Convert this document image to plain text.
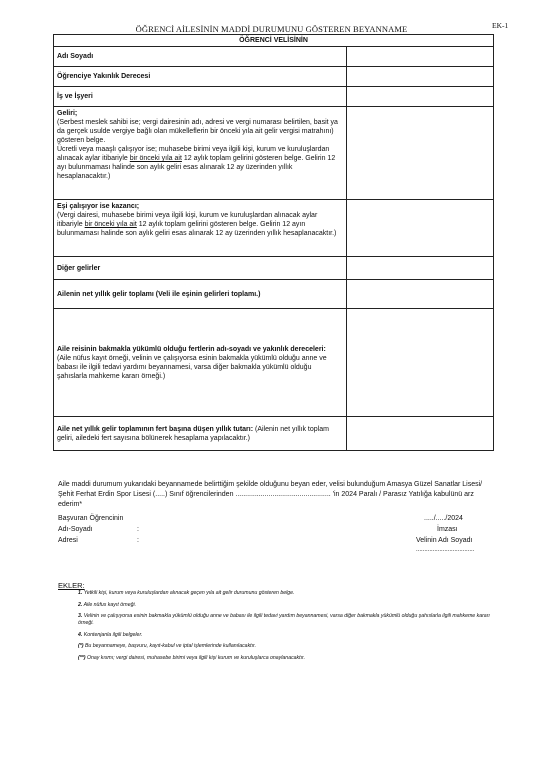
EK-1
ÖĞRENCİ AİLESİNİN MADDİ DURUMUNU GÖSTEREN BEYANNAME
ÖĞRENCİ VELİSİNİN	
Adı Soyadı	
Öğrenciye Yakınlık Derecesi	
İş ve İşyeri	
Geliri;
(Serbest meslek sahibi ise; vergi dairesinin adı, adresi ve vergi numarası belirtilen, basit ya da gerçek usulde vergiye bağlı olan mükelleflerin bir önceki yıla ait gelir vergisi matrahını) gösteren belge.
Ücretli veya maaşlı çalışıyor ise; muhasebe birimi veya ilgili kişi, kurum ve kuruluşlardan alınacak aylar itibariyle bir önceki yıla ait 12 aylık toplam gelirini gösteren belge. Gelirin 12 ayı bulunmaması halinde son aylık geliri esas alınarak 12 ay üzerinden yıllık hesaplanacaktır.)	
Eşi çalışıyor ise kazancı;
(Vergi dairesi, muhasebe birimi veya ilgili kişi, kurum ve kuruluşlardan alınacak aylar itibariyle bir önceki yıla ait 12 aylık toplam gelirini gösteren belge. Gelirin 12 ayın bulunmaması halinde son aylık geliri esas alınarak 12 ay üzerinden yıllık hesaplanacaktır.)	
Diğer gelirler	
Ailenin net yıllık gelir toplamı (Veli ile eşinin gelirleri toplamı.)	
Aile reisinin bakmakla yükümlü olduğu fertlerin adı-soyadı ve yakınlık dereceleri:
(Aile nüfus kayıt örneği, velinin ve çalışıyorsa esinin bakmakla yükümlü olduğu anne ve babası ile ilgili tedavi yardımı beyannamesi, varsa diğer bakmakla yükümlü olduğu şahıslarla mahkeme kararı örneği.)	
Aile net yıllık gelir toplamının fert başına düşen yıllık tutarı: (Ailenin net yıllık toplam geliri, ailedeki fert sayısına bölünerek hesaplama yapılacaktır.)	
Aile maddi durumum yukarıdaki beyannamede belirttiğim şekilde olduğunu beyan eder, velisi bulunduğum Amasya Güzel Sanatlar Lisesi/Şehit Ferhat Erdin Spor Lisesi (.....) Sınıf öğrencilerinden ................................................. 'in 2024 Paralı / Parasız Yatılığa kabulünü arz ederim*
Başvuran Öğrencinin
Adı-Soyadı	:
Adresi	:
...../...../2024
İmzası
Velinin Adı Soyadı
...................................
EKLER:
1. Yetkili kişi, kurum veya kuruluşlardan alınacak geçen yıla ait gelir durumunu gösteren belge.
2. Aile nüfus kayıt örneği.
3. Velinin ve çalışıyorsa esinin bakmakla yükümlü olduğu anne ve babası ile ilgili tedavi yardım beyannamesi, varsa diğer bakmakla yükümlü olduğu şahıslarla ilgili mahkeme kararı örneği.
4. Kontenjanla ilgili belgeler.
(*) Bu beyannameye, başvuru, kayıt-kabul ve iptal işlemlerinde kullanılacaktır.
(**) Onay kısmı; vergi dairesi, muhasebe birimi veya ilgili kişi kurum ve kuruluşlarca onaylanacaktır.
